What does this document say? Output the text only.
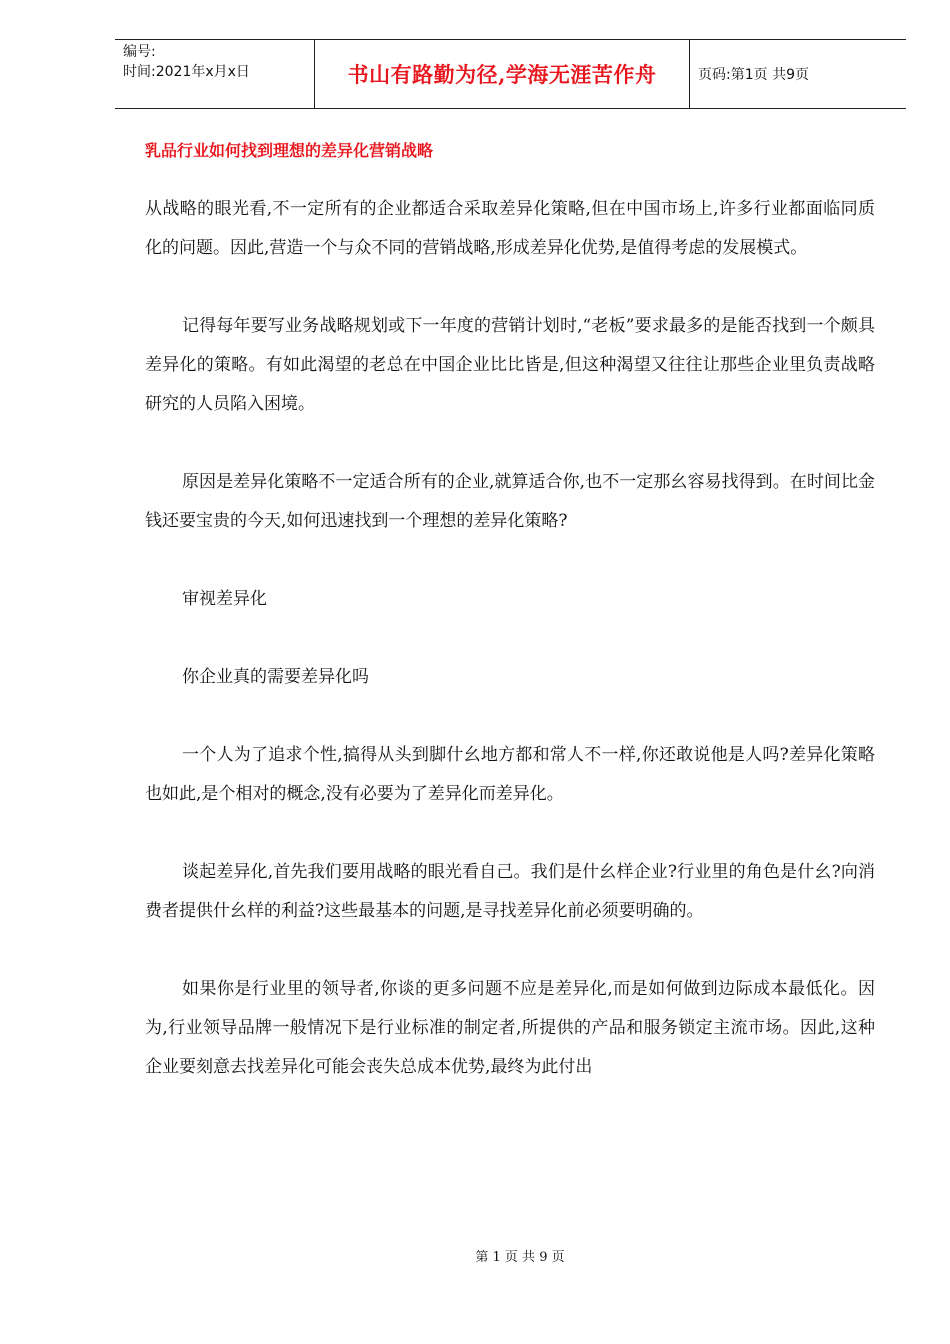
编号:
时间:2021年x月x日	书山有路勤为径,学海无涯苦作舟	页码:第1页 共9页
乳品行业如何找到理想的差异化营销战略

从战略的眼光看,不一定所有的企业都适合采取差异化策略,但在中国市场上,许多行业都面临同质化的问题。因此,营造一个与众不同的营销战略,形成差异化优势,是值得考虑的发展模式。

记得每年要写业务战略规划或下一年度的营销计划时,“老板”要求最多的是能否找到一个颇具差异化的策略。有如此渴望的老总在中国企业比比皆是,但这种渴望又往往让那些企业里负责战略研究的人员陷入困境。

原因是差异化策略不一定适合所有的企业,就算适合你,也不一定那幺容易找得到。在时间比金钱还要宝贵的今天,如何迅速找到一个理想的差异化策略?

审视差异化

你企业真的需要差异化吗

一个人为了追求个性,搞得从头到脚什幺地方都和常人不一样,你还敢说他是人吗?差异化策略也如此,是个相对的概念,没有必要为了差异化而差异化。

谈起差异化,首先我们要用战略的眼光看自己。我们是什幺样企业?行业里的角色是什幺?向消费者提供什幺样的利益?这些最基本的问题,是寻找差异化前必须要明确的。

如果你是行业里的领导者,你谈的更多问题不应是差异化,而是如何做到边际成本最低化。因为,行业领导品牌一般情况下是行业标准的制定者,所提供的产品和服务锁定主流市场。因此,这种企业要刻意去找差异化可能会丧失总成本优势,最终为此付出

第 1 页 共 9 页
